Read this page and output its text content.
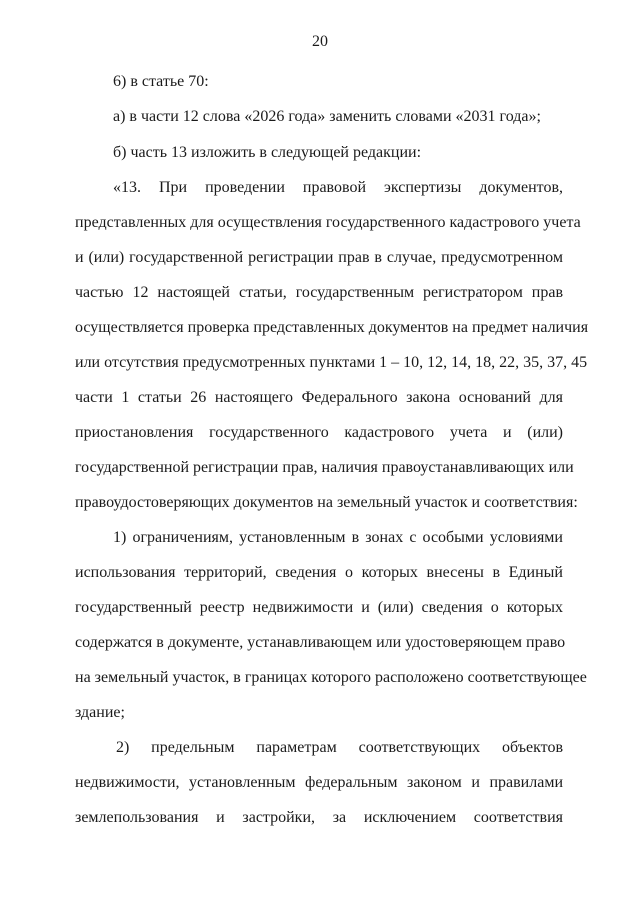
20
6) в статье 70:
а) в части 12 слова «2026 года» заменить словами «2031 года»;
б) часть 13 изложить в следующей редакции:
«13. При проведении правовой экспертизы документов,
представленных для осуществления государственного кадастрового учета
и (или) государственной регистрации прав в случае, предусмотренном
частью 12 настоящей статьи, государственным регистратором прав
осуществляется проверка представленных документов на предмет наличия
или отсутствия предусмотренных пунктами 1 – 10, 12, 14, 18, 22, 35, 37, 45
части 1 статьи 26 настоящего Федерального закона оснований для
приостановления государственного кадастрового учета и (или)
государственной регистрации прав, наличия правоустанавливающих или
правоудостоверяющих документов на земельный участок и соответствия:
1) ограничениям, установленным в зонах с особыми условиями
использования территорий, сведения о которых внесены в Единый
государственный реестр недвижимости и (или) сведения о которых
содержатся в документе, устанавливающем или удостоверяющем право
на земельный участок, в границах которого расположено соответствующее
здание;
2) предельным параметрам соответствующих объектов
недвижимости, установленным федеральным законом и правилами
землепользования и застройки, за исключением соответствия
